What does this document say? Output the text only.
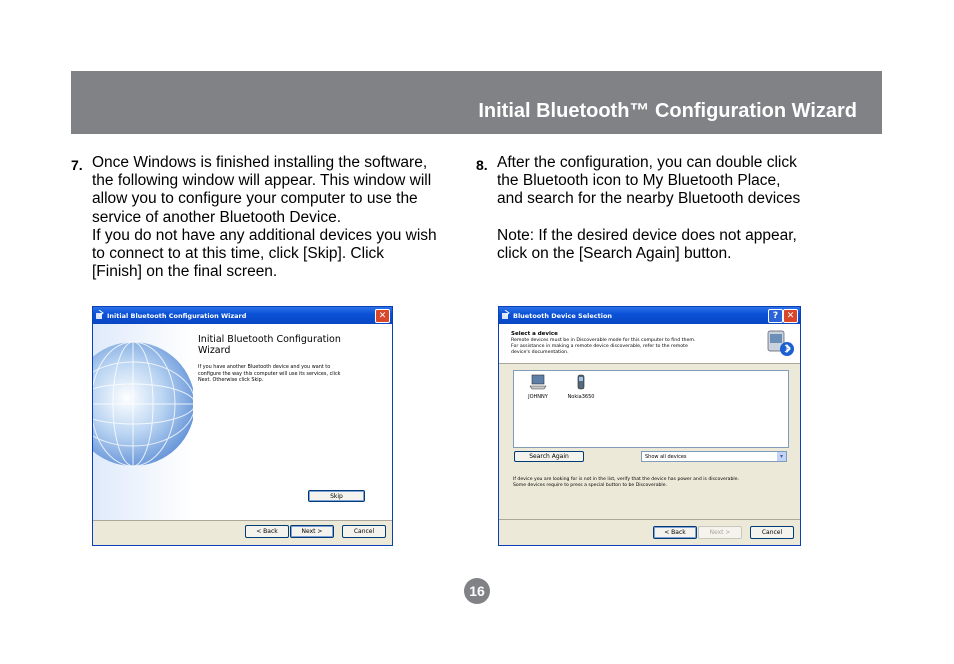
Initial Bluetooth™ Configuration Wizard
7. Once Windows is finished installing the software,

the following window will appear. This window will

allow you to configure your computer to use the

service of another Bluetooth Device.

If you do not have any additional devices you wish

to connect to at this time, click [Skip]. Click

[Finish] on the final screen.

8. After the configuration, you can double click

the Bluetooth icon to My Bluetooth Place,

and search for the nearby Bluetooth devices

Note: If the desired device does not appear,

click on the [Search Again] button.

Initial Bluetooth Configuration Wizard	✕
Initial Bluetooth Configuration
Wizard
If you have another Bluetooth device and you want to
configure the way this computer will use its services, click
Next. Otherwise click Skip.
Skip
< Back	Next >	Cancel
Bluetooth Device Selection	? ✕
Select a device
Remote devices must be in Discoverable mode for this computer to find them.
For assistance in making a remote device discoverable, refer to the remote
device's documentation.
JOHNNY	Nokia3650
Search Again	Show all devices	▾
If device you are looking for is not in the list, verify that the device has power and is discoverable.
Some devices require to press a special button to be Discoverable.
< Back	Next >	Cancel
16
